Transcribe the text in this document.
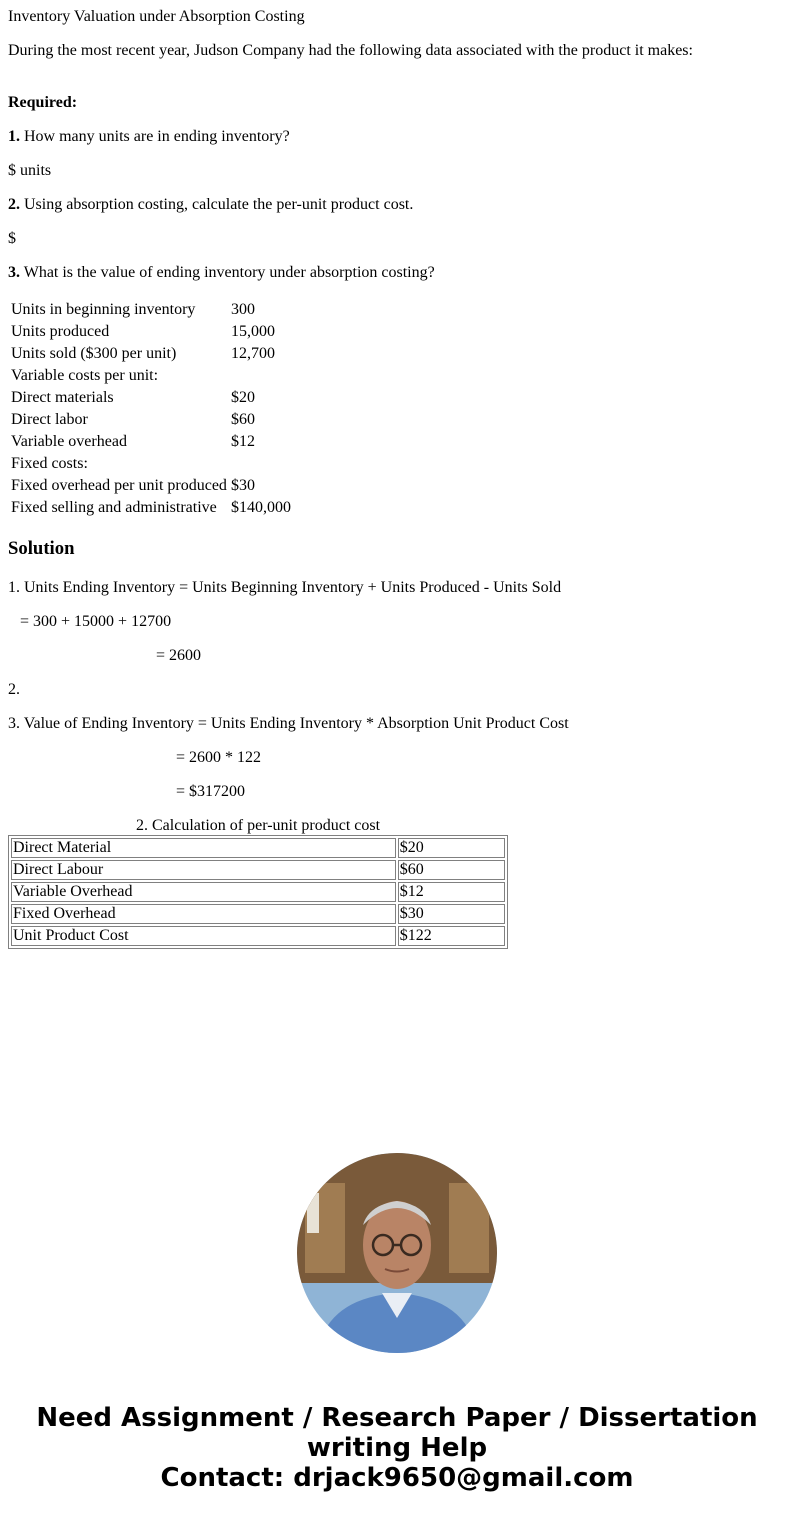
Inventory Valuation under Absorption Costing
During the most recent year, Judson Company had the following data associated with the product it makes:
Required:
1. How many units are in ending inventory?
$ units
2. Using absorption costing, calculate the per-unit product cost.
$
3. What is the value of ending inventory under absorption costing?
Units in beginning inventory	300
Units produced	15,000
Units sold ($300 per unit)	12,700
Variable costs per unit:	
Direct materials	$20
Direct labor	$60
Variable overhead	$12
Fixed costs:	
Fixed overhead per unit produced	$30
Fixed selling and administrative	$140,000
Solution
1. Units Ending Inventory = Units Beginning Inventory + Units Produced - Units Sold
= 300 + 15000 + 12700
= 2600
2.
3. Value of Ending Inventory = Units Ending Inventory * Absorption Unit Product Cost
= 2600 * 122
= $317200
2. Calculation of per-unit product cost
Direct Material	$20
Direct Labour	$60
Variable Overhead	$12
Fixed Overhead	$30
Unit Product Cost	$122
Need Assignment / Research Paper / Dissertation
writing Help
Contact: drjack9650@gmail.com
